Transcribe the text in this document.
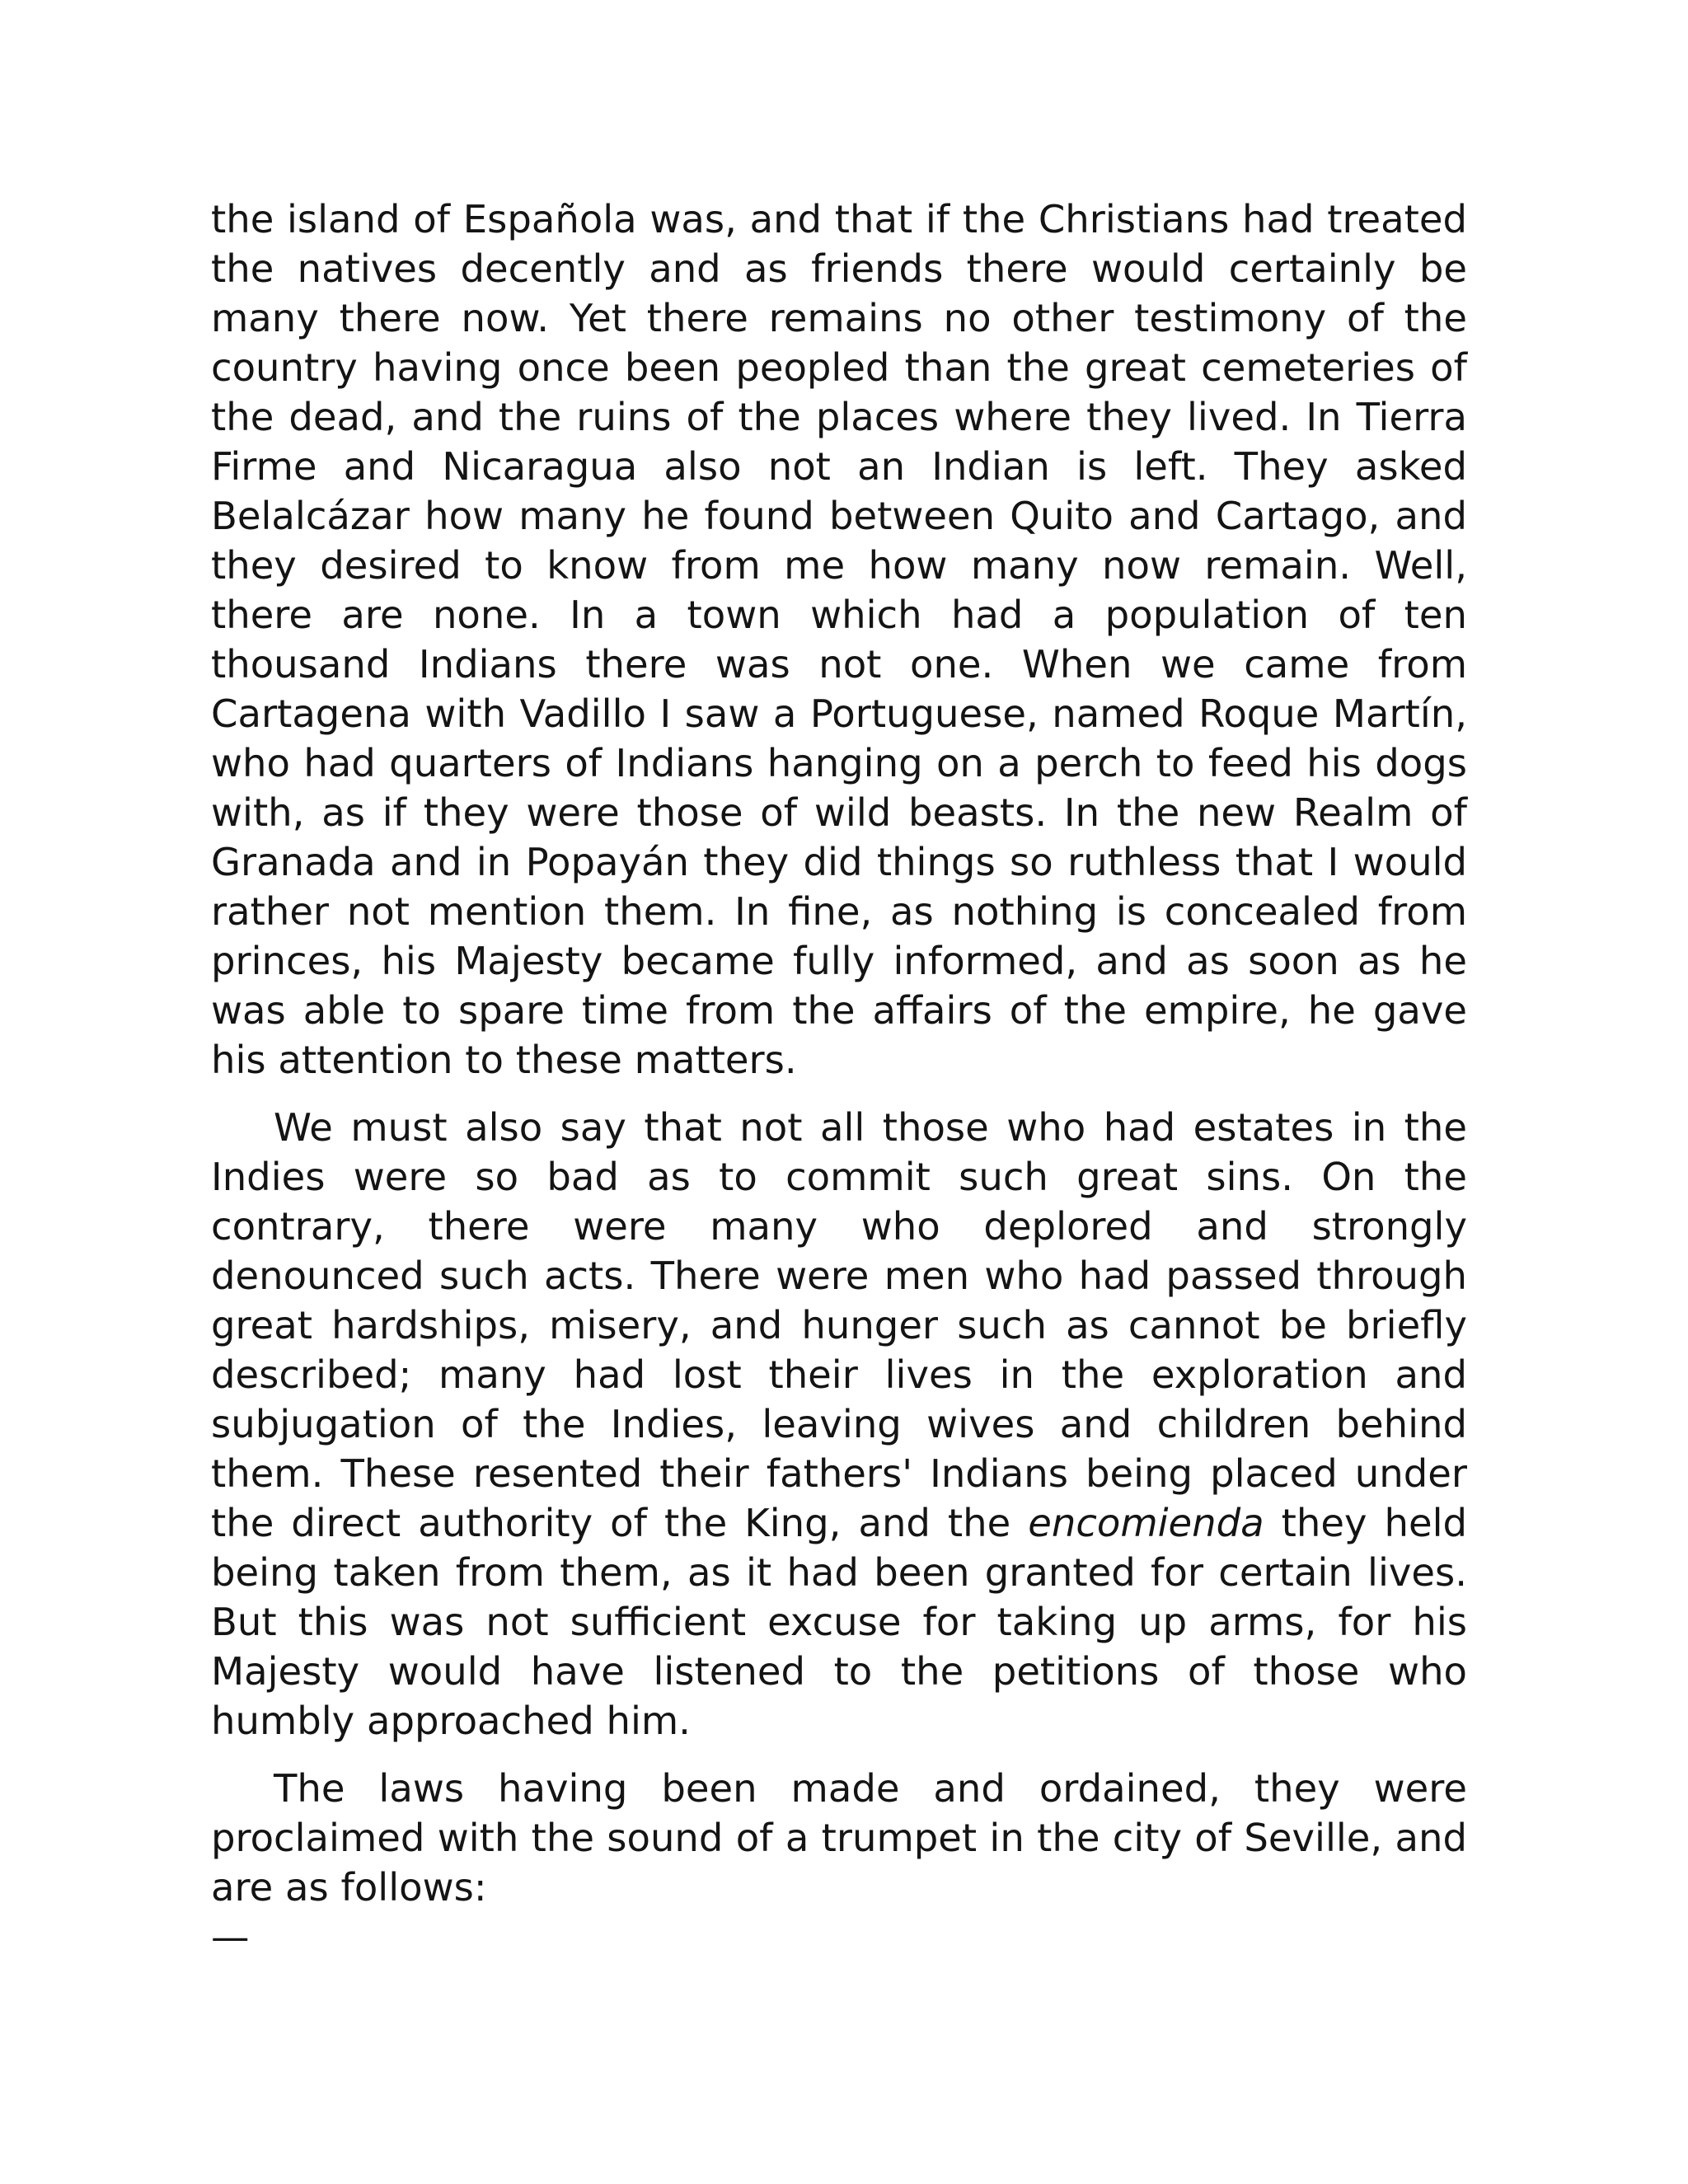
the island of Española was, and that if the Christians had treated the natives decently and as friends there would certainly be many there now. Yet there remains no other testimony of the country having once been peopled than the great cemeteries of the dead, and the ruins of the places where they lived. In Tierra Firme and Nicaragua also not an Indian is left. They asked Belalcázar how many he found between Quito and Cartago, and they desired to know from me how many now remain. Well, there are none. In a town which had a population of ten thousand Indians there was not one. When we came from Cartagena with Vadillo I saw a Portuguese, named Roque Martín, who had quarters of Indians hanging on a perch to feed his dogs with, as if they were those of wild beasts. In the new Realm of Granada and in Popayán they did things so ruthless that I would rather not mention them. In fine, as nothing is concealed from princes, his Majesty became fully informed, and as soon as he was able to spare time from the affairs of the empire, he gave his attention to these matters.

We must also say that not all those who had estates in the Indies were so bad as to commit such great sins. On the contrary, there were many who deplored and strongly denounced such acts. There were men who had passed through great hardships, misery, and hunger such as cannot be briefly described; many had lost their lives in the exploration and subjugation of the Indies, leaving wives and children behind them. These resented their fathers' Indians being placed under the direct authority of the King, and the encomienda they held being taken from them, as it had been granted for certain lives. But this was not sufficient excuse for taking up arms, for his Majesty would have listened to the petitions of those who humbly approached him.

The laws having been made and ordained, they were proclaimed with the sound of a trumpet in the city of Seville, and are as follows:
—
